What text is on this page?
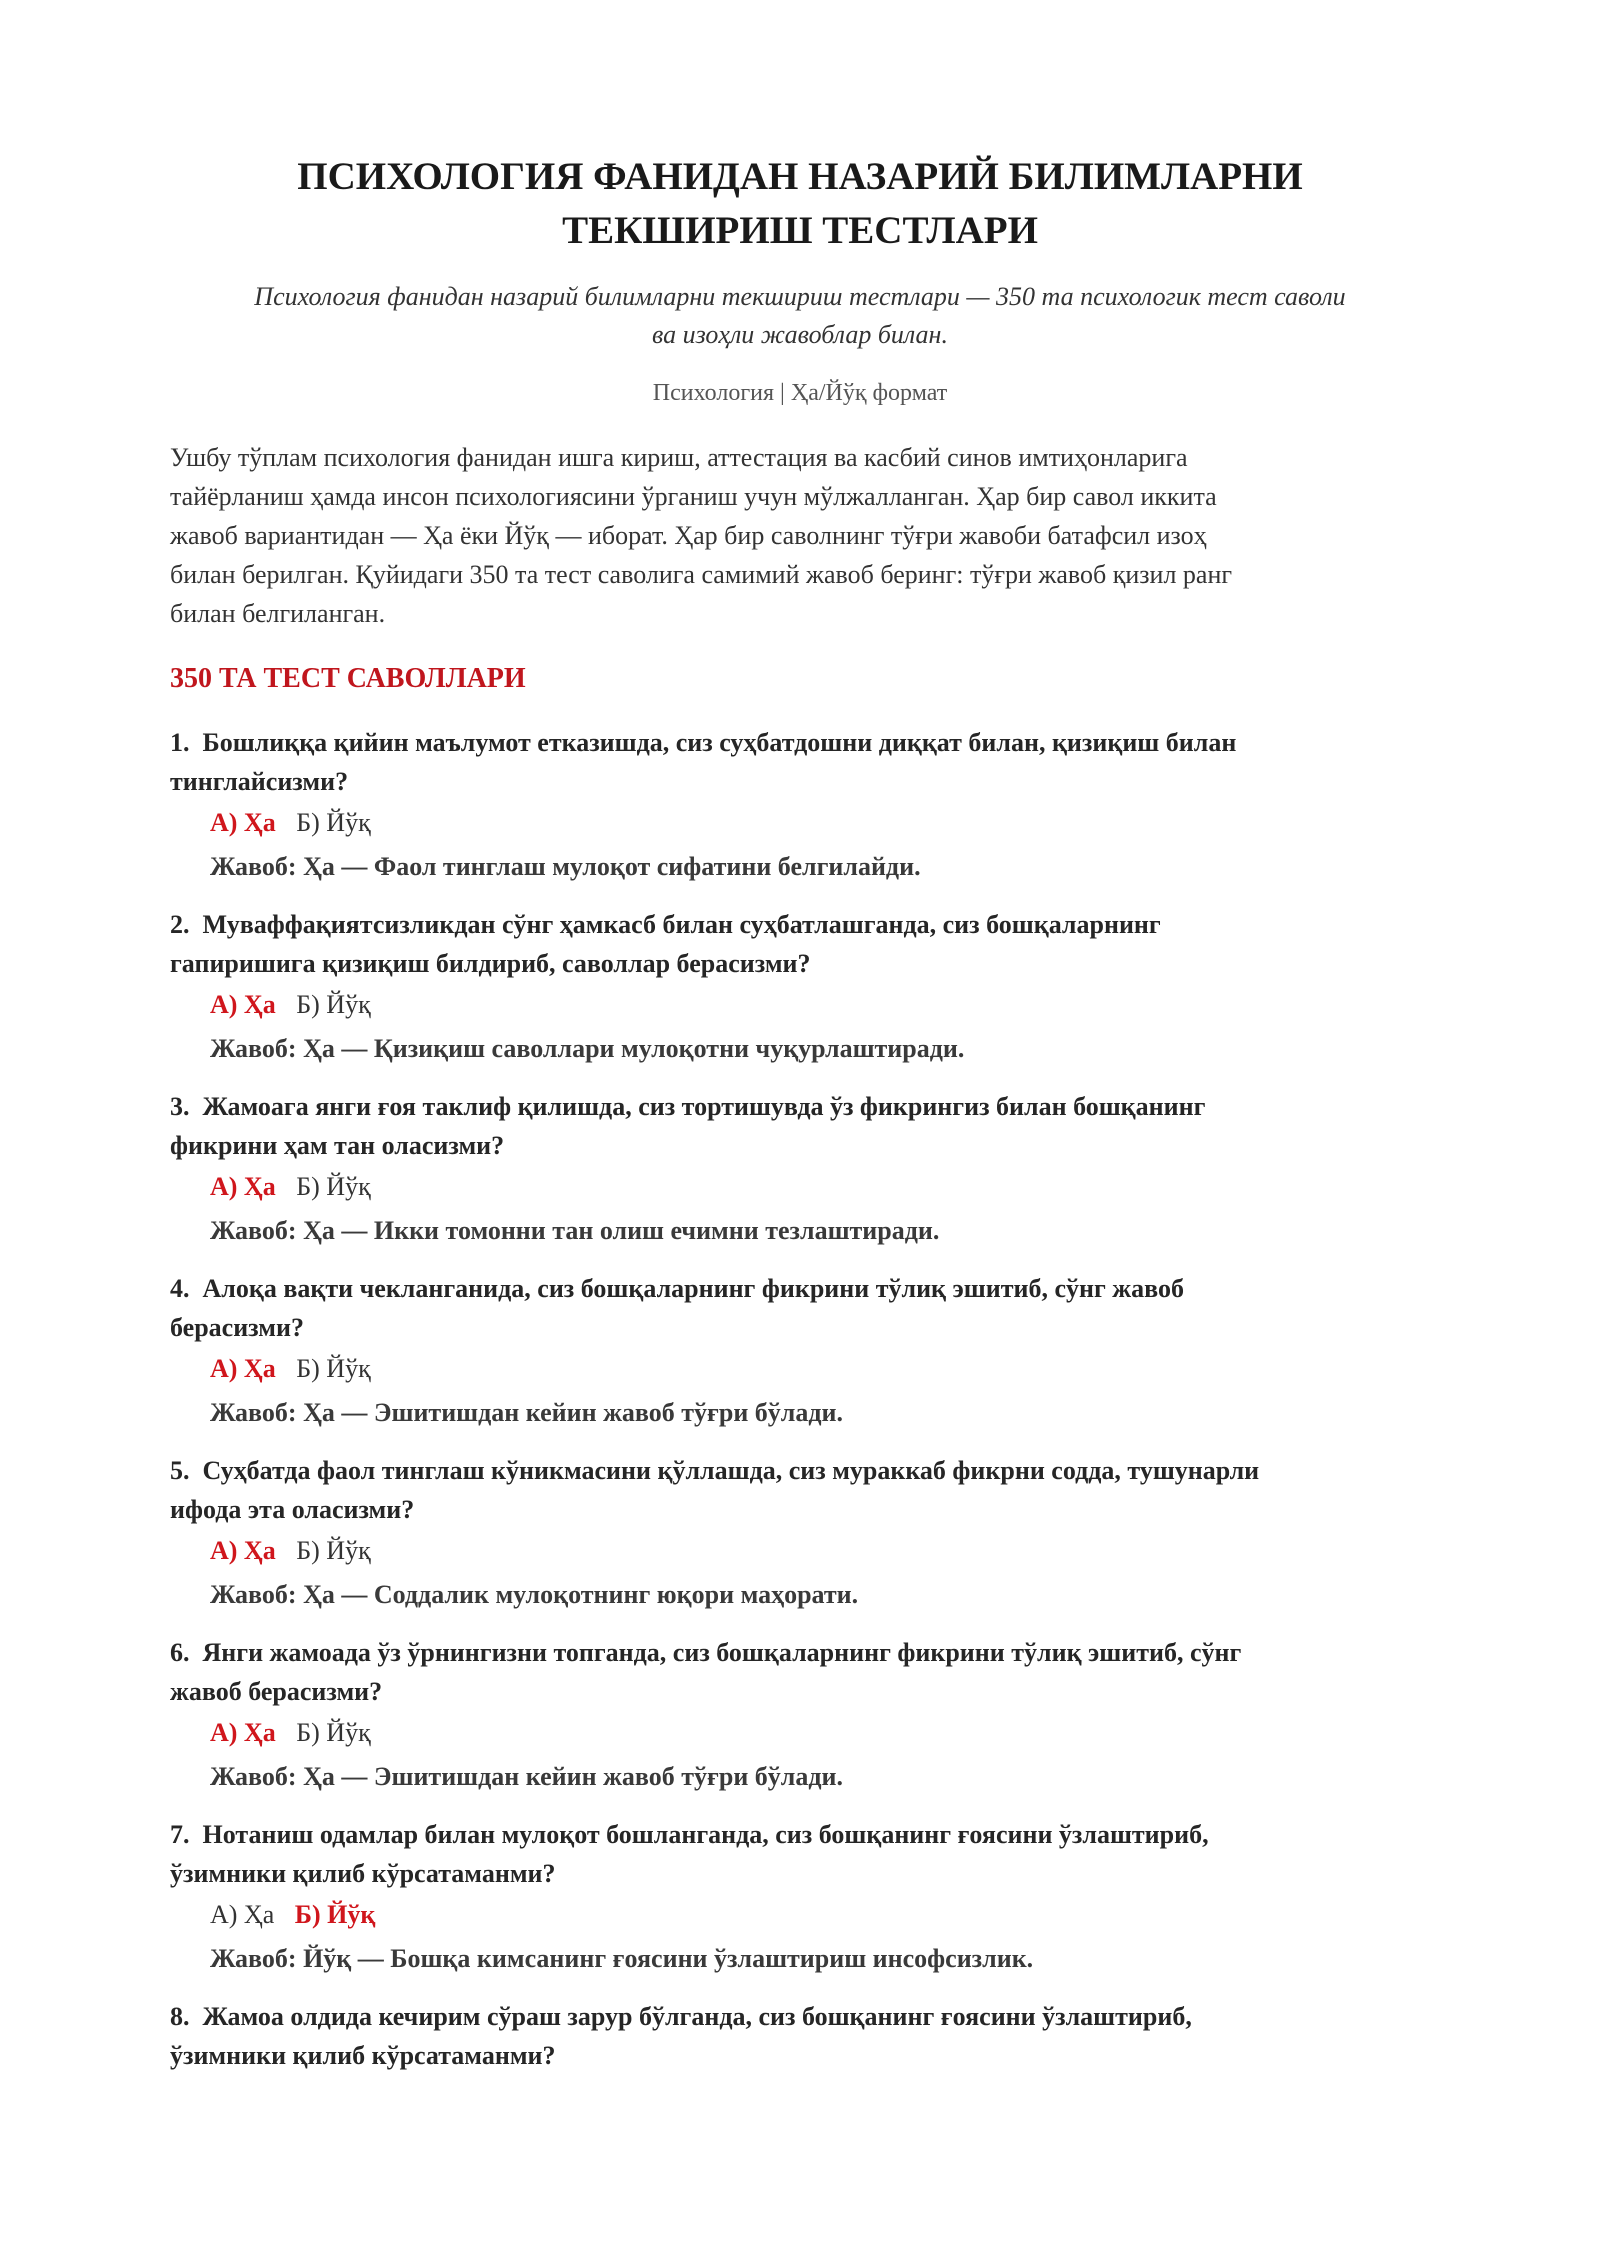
ПСИХОЛОГИЯ ФАНИДАН НАЗАРИЙ БИЛИМЛАРНИ
ТЕКШИРИШ ТЕСТЛАРИ
Психология фанидан назарий билимларни текшириш тестлари — 350 та психологик тест саволи
ва изоҳли жавоблар билан.
Психология | Ҳа/Йўқ формат
Ушбу тўплам психология фанидан ишга кириш, аттестация ва касбий синов имтиҳонларига
тайёрланиш ҳамда инсон психологиясини ўрганиш учун мўлжалланган. Ҳар бир савол иккита
жавоб вариантидан — Ҳа ёки Йўқ — иборат. Ҳар бир саволнинг тўғри жавоби батафсил изоҳ
билан берилган. Қуйидаги 350 та тест саволига самимий жавоб беринг: тўғри жавоб қизил ранг
билан белгиланган.
350 ТА ТЕСТ САВОЛЛАРИ
1. Бошлиққа қийин маълумот етказишда, сиз суҳбатдошни диққат билан, қизиқиш билан
тинглайсизми?
А) Ҳа Б) Йўқ
Жавоб: Ҳа — Фаол тинглаш мулоқот сифатини белгилайди.
2. Муваффақиятсизликдан сўнг ҳамкасб билан суҳбатлашганда, сиз бошқаларнинг
гапиришига қизиқиш билдириб, саволлар берасизми?
А) Ҳа Б) Йўқ
Жавоб: Ҳа — Қизиқиш саволлари мулоқотни чуқурлаштиради.
3. Жамоага янги ғоя таклиф қилишда, сиз тортишувда ўз фикрингиз билан бошқанинг
фикрини ҳам тан оласизми?
А) Ҳа Б) Йўқ
Жавоб: Ҳа — Икки томонни тан олиш ечимни тезлаштиради.
4. Алоқа вақти чекланганида, сиз бошқаларнинг фикрини тўлиқ эшитиб, сўнг жавоб
берасизми?
А) Ҳа Б) Йўқ
Жавоб: Ҳа — Эшитишдан кейин жавоб тўғри бўлади.
5. Суҳбатда фаол тинглаш кўникмасини қўллашда, сиз мураккаб фикрни содда, тушунарли
ифода эта оласизми?
А) Ҳа Б) Йўқ
Жавоб: Ҳа — Соддалик мулоқотнинг юқори маҳорати.
6. Янги жамоада ўз ўрнингизни топганда, сиз бошқаларнинг фикрини тўлиқ эшитиб, сўнг
жавоб берасизми?
А) Ҳа Б) Йўқ
Жавоб: Ҳа — Эшитишдан кейин жавоб тўғри бўлади.
7. Нотаниш одамлар билан мулоқот бошланганда, сиз бошқанинг ғоясини ўзлаштириб,
ўзимники қилиб кўрсатаманми?
А) Ҳа Б) Йўқ
Жавоб: Йўқ — Бошқа кимсанинг ғоясини ўзлаштириш инсофсизлик.
8. Жамоа олдида кечирим сўраш зарур бўлганда, сиз бошқанинг ғоясини ўзлаштириб,
ўзимники қилиб кўрсатаманми?
